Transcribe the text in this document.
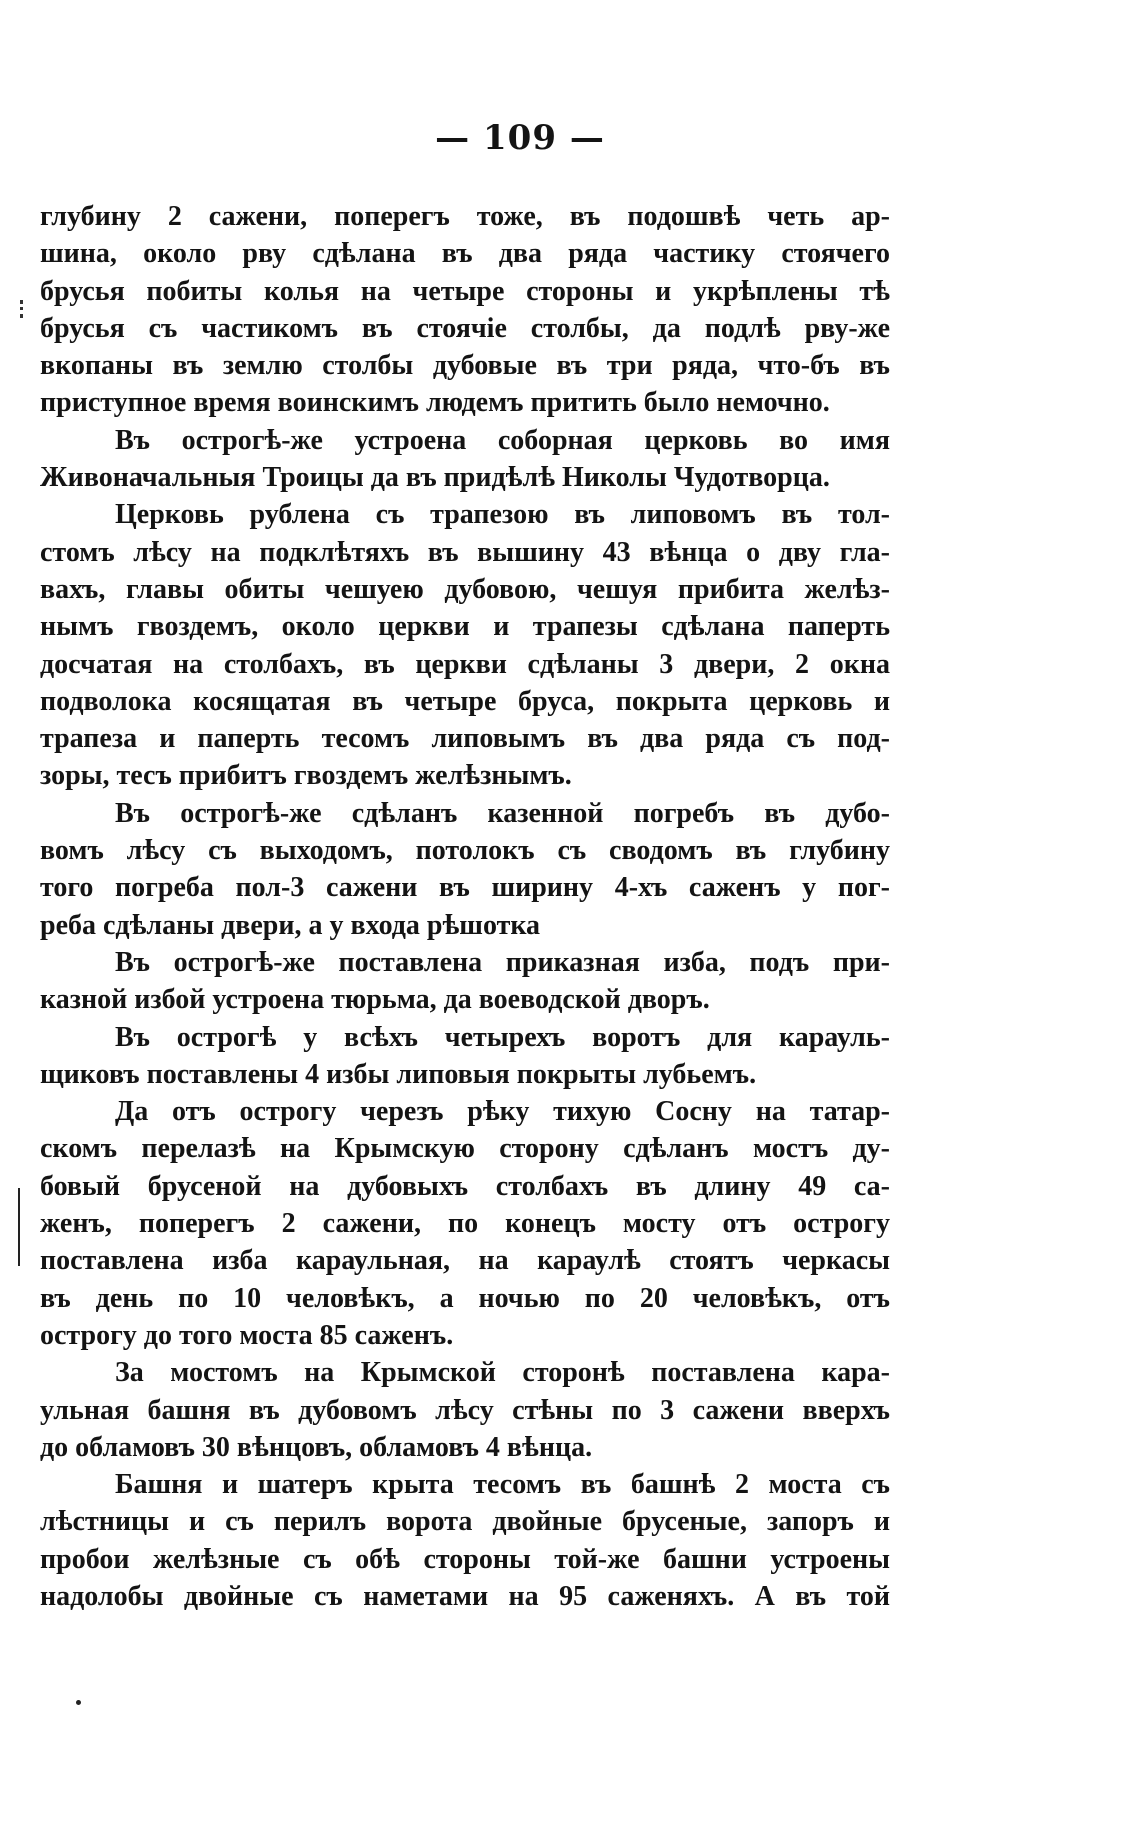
— 109 —
глубину 2 сажени, поперегъ тоже, въ подошвѣ четь ар-
шина, около рву сдѣлана въ два ряда частику стоячего
брусья побиты колья на четыре стороны и укрѣплены тѣ
брусья съ частикомъ въ стоячіе столбы, да подлѣ рву-же
вкопаны въ землю столбы дубовые въ три ряда, что-бъ въ
приступное время воинскимъ людемъ притить было немочно.
Въ острогѣ-же устроена соборная церковь во имя
Живоначальныя Троицы да въ придѣлѣ Николы Чудотворца.
Церковь рублена съ трапезою въ липовомъ въ тол-
стомъ лѣсу на подклѣтяхъ въ вышину 43 вѣнца о дву гла-
вахъ, главы обиты чешуею дубовою, чешуя прибита желѣз-
нымъ гвоздемъ, около церкви и трапезы сдѣлана паперть
досчатая на столбахъ, въ церкви сдѣланы 3 двери, 2 окна
подволока косящатая въ четыре бруса, покрыта церковь и
трапеза и паперть тесомъ липовымъ въ два ряда съ под-
зоры, тесъ прибитъ гвоздемъ желѣзнымъ.
Въ острогѣ-же сдѣланъ казенной погребъ въ дубо-
вомъ лѣсу съ выходомъ, потолокъ съ сводомъ въ глубину
того погреба пол-3 сажени въ ширину 4-хъ саженъ у пог-
реба сдѣланы двери, а у входа рѣшотка
Въ острогѣ-же поставлена приказная изба, подъ при-
казной избой устроена тюрьма, да воеводской дворъ.
Въ острогѣ у всѣхъ четырехъ воротъ для карауль-
щиковъ поставлены 4 избы липовыя покрыты лубьемъ.
Да отъ острогу черезъ рѣку тихую Сосну на татар-
скомъ перелазѣ на Крымскую сторону сдѣланъ мостъ ду-
бовый брусеной на дубовыхъ столбахъ въ длину 49 са-
женъ, поперегъ 2 сажени, по конецъ мосту отъ острогу
поставлена изба караульная, на караулѣ стоятъ черкасы
въ день по 10 человѣкъ, а ночью по 20 человѣкъ, отъ
острогу до того моста 85 саженъ.
За мостомъ на Крымской сторонѣ поставлена кара-
ульная башня въ дубовомъ лѣсу стѣны по 3 сажени вверхъ
до обламовъ 30 вѣнцовъ, обламовъ 4 вѣнца.
Башня и шатеръ крыта тесомъ въ башнѣ 2 моста съ
лѣстницы и съ перилъ ворота двойные брусеные, запоръ и
пробои желѣзные съ обѣ стороны той-же башни устроены
надолобы двойные съ наметами на 95 саженяхъ. А въ той
